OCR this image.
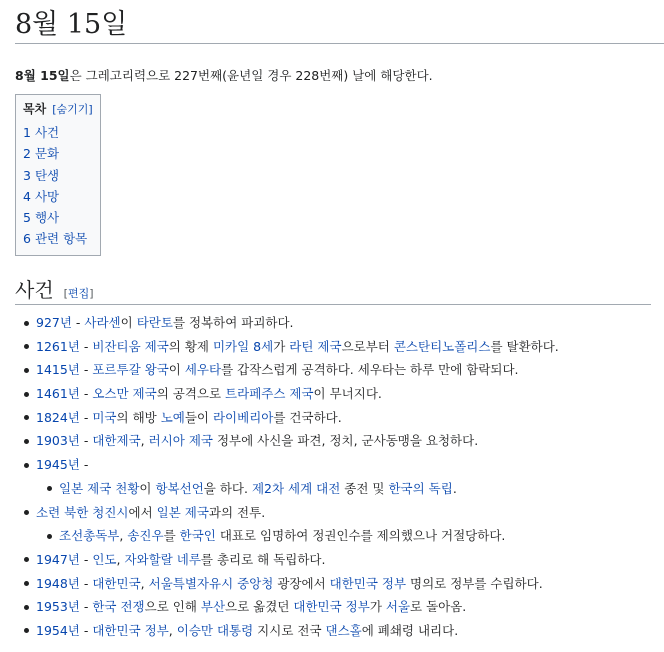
8월 15일

8월 15일은 그레고리력으로 227번째(윤년일 경우 228번째) 날에 해당한다.

목차 [숨기기]
1 사건
2 문화
3 탄생
4 사망
5 행사
6 관련 항목
사건 [편집]
927년 - 사라센이 타란토를 정복하여 파괴하다.
1261년 - 비잔티움 제국의 황제 미카일 8세가 라틴 제국으로부터 콘스탄티노폴리스를 탈환하다.
1415년 - 포르투갈 왕국이 세우타를 갑작스럽게 공격하다. 세우타는 하루 만에 함락되다.
1461년 - 오스만 제국의 공격으로 트라페주스 제국이 무너지다.
1824년 - 미국의 해방 노예들이 라이베리아를 건국하다.
1903년 - 대한제국, 러시아 제국 정부에 사신을 파견, 정치, 군사동맹을 요청하다.
1945년 -
일본 제국 천황이 항복선언을 하다. 제2차 세계 대전 종전 및 한국의 독립.
소련 북한 청진시에서 일본 제국과의 전투.
조선총독부, 송진우를 한국인 대표로 임명하여 정권인수를 제의했으나 거절당하다.
1947년 - 인도, 자와할랄 네루를 총리로 해 독립하다.
1948년 - 대한민국, 서울특별자유시 중앙청 광장에서 대한민국 정부 명의로 정부를 수립하다.
1953년 - 한국 전쟁으로 인해 부산으로 옮겼던 대한민국 정부가 서울로 돌아옴.
1954년 - 대한민국 정부, 이승만 대통령 지시로 전국 댄스홀에 폐쇄령 내리다.
